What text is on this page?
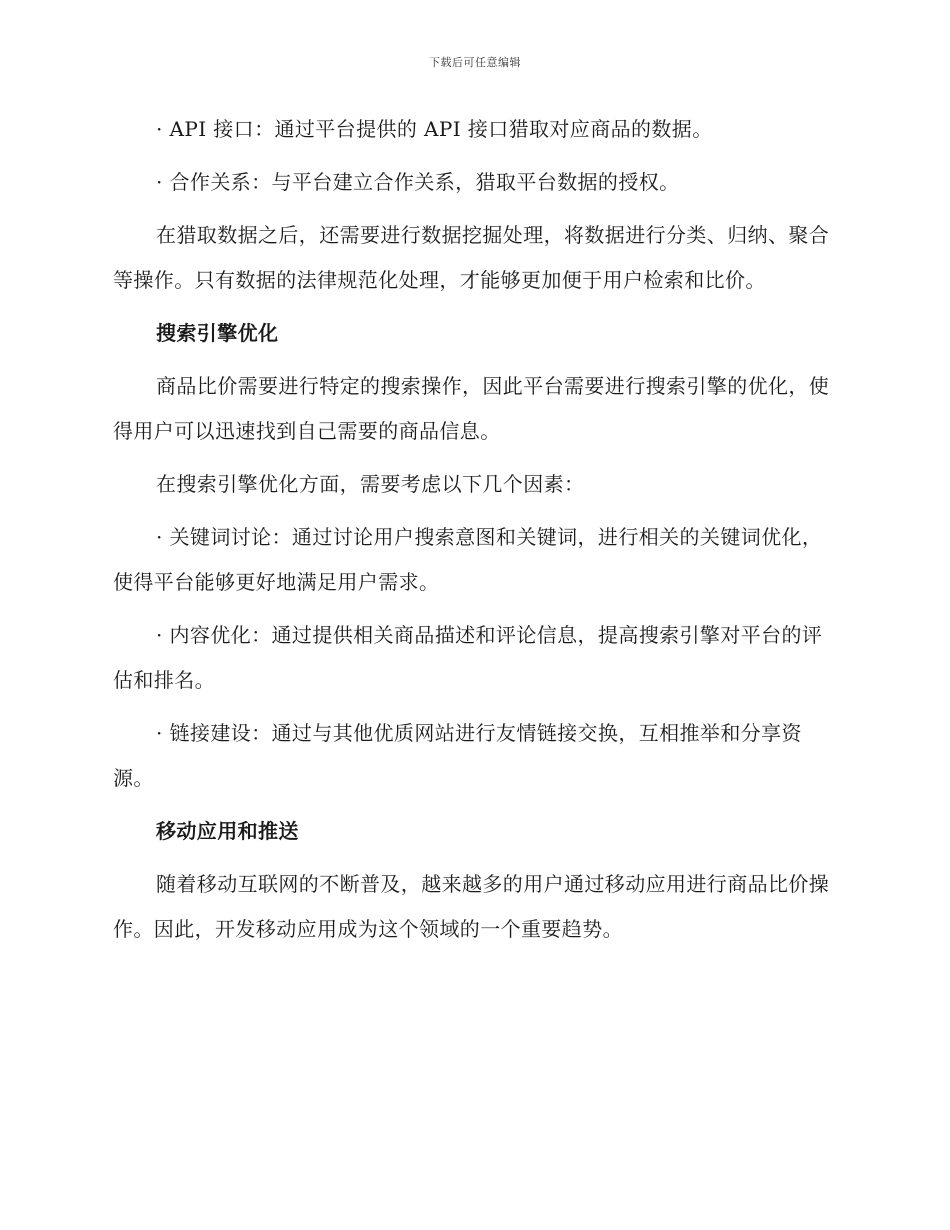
下载后可任意编辑

· API 接口：通过平台提供的 API 接口猎取对应商品的数据。

· 合作关系：与平台建立合作关系，猎取平台数据的授权。

在猎取数据之后，还需要进行数据挖掘处理，将数据进行分类、归纳、聚合等操作。只有数据的法律规范化处理，才能够更加便于用户检索和比价。

搜索引擎优化

商品比价需要进行特定的搜索操作，因此平台需要进行搜索引擎的优化，使得用户可以迅速找到自己需要的商品信息。

在搜索引擎优化方面，需要考虑以下几个因素：

· 关键词讨论：通过讨论用户搜索意图和关键词，进行相关的关键词优化，使得平台能够更好地满足用户需求。

· 内容优化：通过提供相关商品描述和评论信息，提高搜索引擎对平台的评估和排名。

· 链接建设：通过与其他优质网站进行友情链接交换，互相推举和分享资源。

移动应用和推送

随着移动互联网的不断普及，越来越多的用户通过移动应用进行商品比价操作。因此，开发移动应用成为这个领域的一个重要趋势。
